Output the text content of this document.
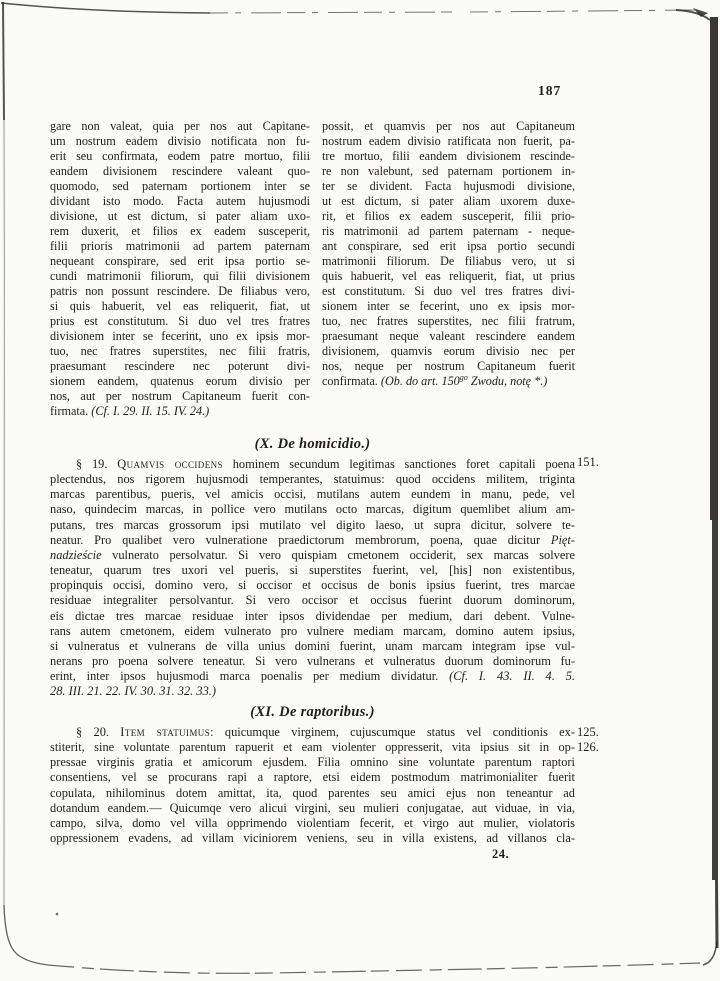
187
gare non valeat, quia per nos aut Capitane-
um nostrum eadem divisio notificata non fu-
erit seu confirmata, eodem patre mortuo, filii
eandem divisionem rescindere valeant quo-
quomodo, sed paternam portionem inter se
dividant isto modo. Facta autem hujusmodi
divisione, ut est dictum, si pater aliam uxo-
rem duxerit, et filios ex eadem susceperit,
filii prioris matrimonii ad partem paternam
nequeant conspirare, sed erit ipsa portio se-
cundi matrimonii filiorum, qui filii divisionem
patris non possunt rescindere. De filiabus vero,
si quis habuerit, vel eas reliquerit, fiat, ut
prius est constitutum. Si duo vel tres fratres
divisionem inter se fecerint, uno ex ipsis mor-
tuo, nec fratres superstites, nec filii fratris,
praesumant rescindere nec poterunt divi-
sionem eandem, quatenus eorum divisio per
nos, aut per nostrum Capitaneum fuerit con-
firmata. (Cf. I. 29. II. 15. IV. 24.)
possit, et quamvis per nos aut Capitaneum
nostrum eadem divisio ratificata non fuerit, pa-
tre mortuo, filii eandem divisionem rescinde-
re non valebunt, sed paternam portionem in-
ter se divident. Facta hujusmodi divisione,
ut est dictum, si pater aliam uxorem duxe-
rit, et filios ex eadem susceperit, filii prio-
ris matrimonii ad partem paternam - neque-
ant conspirare, sed erit ipsa portio secundi
matrimonii filiorum. De filiabus vero, ut si
quis habuerit, vel eas reliquerit, fiat, ut prius
est constitutum. Si duo vel tres fratres divi-
sionem inter se fecerint, uno ex ipsis mor-
tuo, nec fratres superstites, nec filii fratrum,
praesumant neque valeant rescindere eandem
divisionem, quamvis eorum divisio nec per
nos, neque per nostrum Capitaneum fuerit
confirmata. (Ob. do art. $150^{go}$ Zwodu, notę *.)
(X. De homicidio.)
§ 19. Quamvis occidens hominem secundum legitimas sanctiones foret capitali poena
plectendus, nos rigorem hujusmodi temperantes, statuimus: quod occidens militem, triginta
marcas parentibus, pueris, vel amicis occisi, mutilans autem eundem in manu, pede, vel
naso, quindecim marcas, in pollice vero mutilans octo marcas, digitum quemlibet alium am-
putans, tres marcas grossorum ipsi mutilato vel digito laeso, ut supra dicitur, solvere te-
neatur. Pro qualibet vero vulneratione praedictorum membrorum, poena, quae dicitur Pięt-
nadzieście vulnerato persolvatur. Si vero quispiam cmetonem occiderit, sex marcas solvere
teneatur, quarum tres uxori vel pueris, si superstites fuerint, vel, [his] non existentibus,
propinquis occisi, domino vero, si occisor et occisus de bonis ipsius fuerint, tres marcae
residuae integraliter persolvantur. Si vero occisor et occisus fuerint duorum dominorum,
eis dictae tres marcae residuae inter ipsos dividendae per medium, dari debent. Vulne-
rans autem cmetonem, eidem vulnerato pro vulnere mediam marcam, domino autem ipsius,
si vulneratus et vulnerans de villa unius domini fuerint, unam marcam integram ipse vul-
nerans pro poena solvere teneatur. Si vero vulnerans et vulneratus duorum dominorum fu-
erint, inter ipsos hujusmodi marca poenalis per medium dividatur. (Cf. I. 43. II. 4. 5.
28. III. 21. 22. IV. 30. 31. 32. 33.)
151.
(XI. De raptoribus.)
§ 20. Item statuimus: quicumque virginem, cujuscumque status vel conditionis ex-
stiterit, sine voluntate parentum rapuerit et eam violenter oppresserit, vita ipsius sit in op-
pressae virginis gratia et amicorum ejusdem. Filia omnino sine voluntate parentum raptori
consentiens, vel se procurans rapi a raptore, etsi eidem postmodum matrimonialiter fuerit
copulata, nihilominus dotem amittat, ita, quod parentes seu amici ejus non teneantur ad
dotandum eandem.— Quicumqe vero alicui virgini, seu mulieri conjugatae, aut viduae, in via,
campo, silva, domo vel villa opprimendo violentiam fecerit, et virgo aut mulier, violatoris
oppressionem evadens, ad villam viciniorem veniens, seu in villa existens, ad villanos cla-
125.
126.
24.
